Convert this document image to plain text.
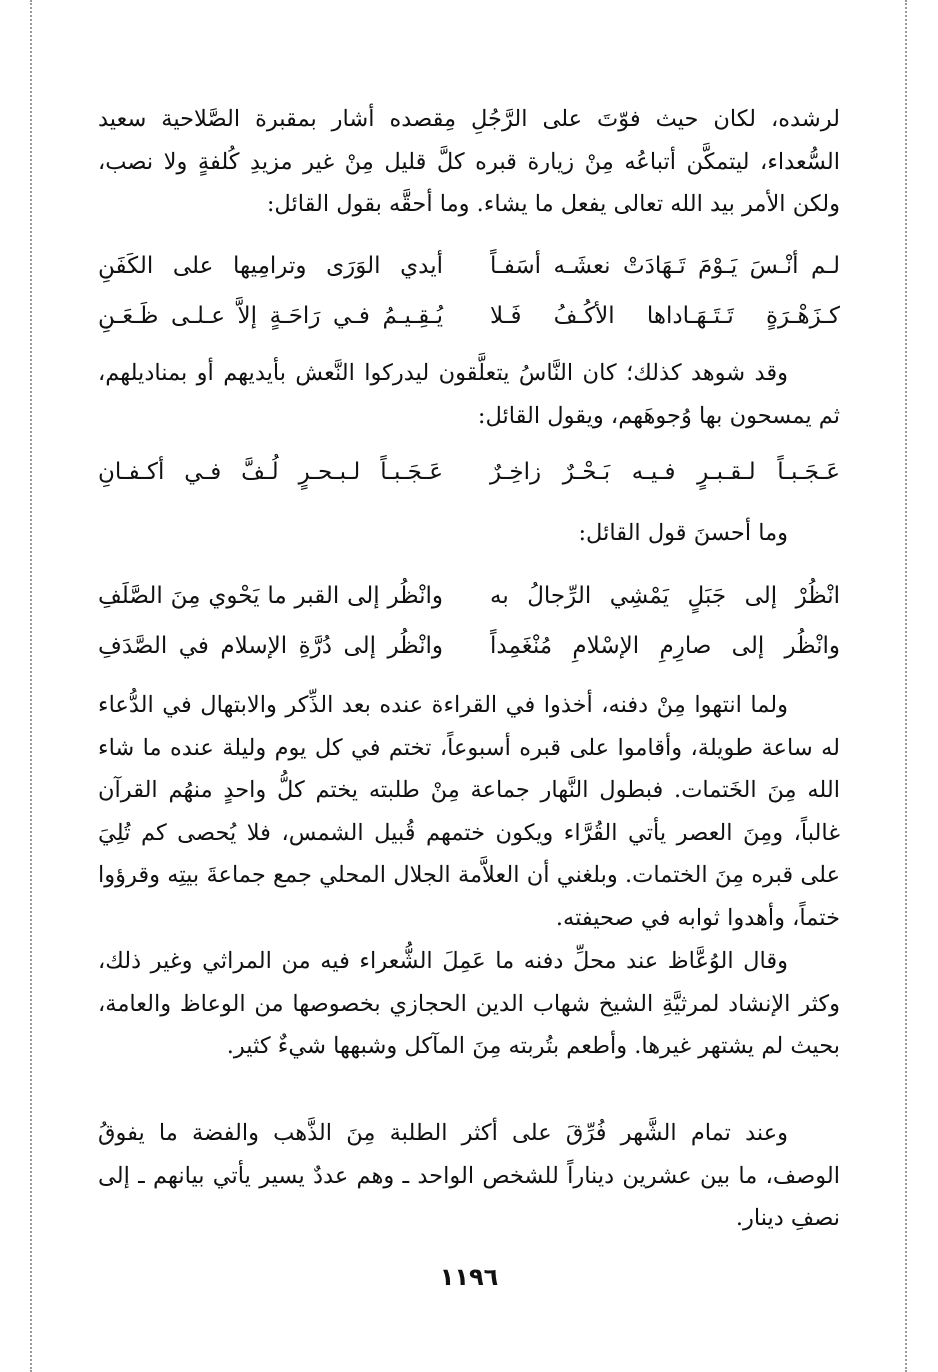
لرشده، لكان حيث فوّتَ على الرَّجُلِ مِقصده أشار بمقبرة الصَّلاحية سعيد السُّعداء، ليتمكَّن أتباعُه مِنْ زيارة قبره كلَّ قليل مِنْ غير مزيدِ كُلفةٍ ولا نصب، ولكن الأمر بيد الله تعالى يفعل ما يشاء. وما أحقَّه بقول القائل:

لـم أنْـسَ يَـوْمَ تَـهَادَتْ نعشَـه أسَفـاً
أيدي الوَرَى وترامِيها على الكَفَنِ
كـزَهْـرَةٍ تَـتَـهَـاداها الأكُـفُ فَـلا
يُـقِـيـمُ فـي رَاحَـةٍ إلاَّ عـلـى ظَـعَـنِ

وقد شوهد كذلك؛ كان النَّاسُ يتعلَّقون ليدركوا النَّعش بأيديهم أو بمناديلهم، ثم يمسحون بها وُجوهَهم، ويقول القائل:

عَـجَـبـاً لـقـبـرٍ فـيـه بَـحْـرٌ زاخِـرٌ
عَـجَـبـاً لـبـحـرٍ لُـفَّ فـي أكـفـانِ
وما أحسنَ قول القائل:
انْظُرْ إلى جَبَلٍ يَمْشِي الرِّجالُ به
وانْظُر إلى القبر ما يَحْوي مِنَ الصَّلَفِ
وانْظُر إلى صارِمِ الإسْلامِ مُنْغَمِداً
وانْظُر إلى دُرَّةِ الإسلام في الصَّدَفِ

ولما انتهوا مِنْ دفنه، أخذوا في القراءة عنده بعد الذِّكر والابتهال في الدُّعاء له ساعة طويلة، وأقاموا على قبره أسبوعاً، تختم في كل يوم وليلة عنده ما شاء الله مِنَ الخَتمات. فبطول النَّهار جماعة مِنْ طلبته يختم كلُّ واحدٍ منهُم القرآن غالباً، ومِنَ العصر يأتي القُرَّاء ويكون ختمهم قُبيل الشمس، فلا يُحصى كم تُلِيَ على قبره مِنَ الختمات. وبلغني أن العلاَّمة الجلال المحلي جمع جماعةَ بيتِه وقرؤوا ختماً، وأهدوا ثوابه في صحيفته.

وقال الوُعَّاظ عند محلِّ دفنه ما عَمِلَ الشُّعراء فيه من المراثي وغير ذلك، وكثر الإنشاد لمرثيَّةِ الشيخ شهاب الدين الحجازي بخصوصها من الوعاظ والعامة، بحيث لم يشتهر غيرها. وأطعم بتُربته مِنَ المآكل وشبهها شيءٌ كثير.

وعند تمام الشَّهر فُرِّقَ على أكثر الطلبة مِنَ الذَّهب والفضة ما يفوقُ الوصف، ما بين عشرين ديناراً للشخص الواحد ـ وهم عددٌ يسير يأتي بيانهم ـ إلى نصفِ دينار.

١١٩٦
